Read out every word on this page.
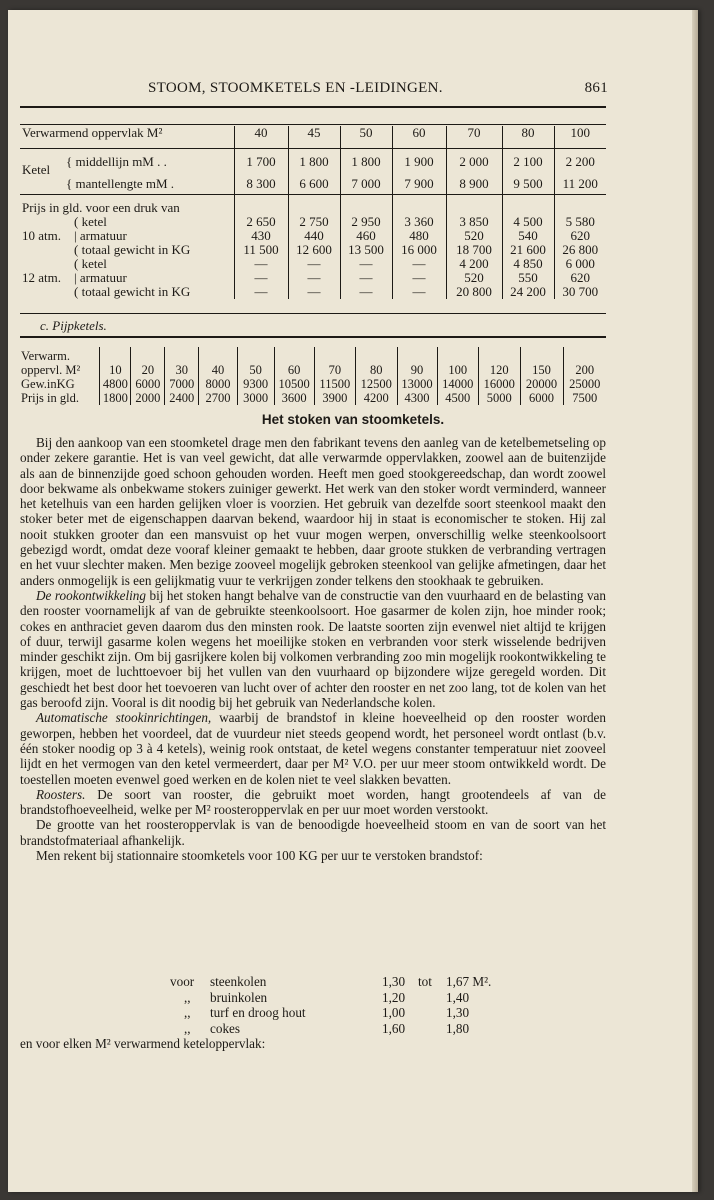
STOOM, STOOMKETELS EN -LEIDINGEN.	861
Verwarmend oppervlak M²	40	45	50	60	70	80	100
Ketel{ middellijn mM . .	1 700	1 800	1 800	1 900	2 000	2 100	2 200
{ mantellengte mM .	8 300	6 600	7 000	7 900	8 900	9 500	11 200
Prijs in gld. voor een druk van							
( ketel	2 650	2 750	2 950	3 360	3 850	4 500	5 580
10 atm. | armatuur	430	440	460	480	520	540	620
( totaal gewicht in KG	11 500	12 600	13 500	16 000	18 700	21 600	26 800
( ketel	—	—	—	—	4 200	4 850	6 000
12 atm. | armatuur	—	—	—	—	520	550	620
( totaal gewicht in KG	—	—	—	—	20 800	24 200	30 700
c. Pijpketels.
Verwarm. oppervl. M²	10	20	30	40	50	60	70	80	90	100	120	150	200
Gew.inKG	4800	6000	7000	8000	9300	10500	11500	12500	13000	14000	16000	20000	25000
Prijs in gld.	1800	2000	2400	2700	3000	3600	3900	4200	4300	4500	5000	6000	7500
Het stoken van stoomketels.

Bij den aankoop van een stoomketel drage men den fabrikant tevens den aanleg van de ketelbemetseling op onder zekere garantie. Het is van veel gewicht, dat alle verwarmde oppervlakken, zoowel aan de buitenzijde als aan de binnenzijde goed schoon gehouden worden. Heeft men goed stookgereedschap, dan wordt zoowel door bekwame als onbekwame stokers zuiniger gewerkt. Het werk van den stoker wordt verminderd, wanneer het ketelhuis van een harden gelijken vloer is voorzien. Het gebruik van dezelfde soort steenkool maakt den stoker beter met de eigenschappen daarvan bekend, waardoor hij in staat is economischer te stoken. Hij zal nooit stukken grooter dan een mansvuist op het vuur mogen werpen, onverschillig welke steenkoolsoort gebezigd wordt, omdat deze vooraf kleiner gemaakt te hebben, daar groote stukken de verbranding vertragen en het vuur slechter maken. Men bezige zooveel mogelijk gebroken steenkool van gelijke afmetingen, daar het anders onmogelijk is een gelijkmatig vuur te verkrijgen zonder telkens den stookhaak te gebruiken.

De rookontwikkeling bij het stoken hangt behalve van de constructie van den vuurhaard en de belasting van den rooster voornamelijk af van de gebruikte steenkoolsoort. Hoe gasarmer de kolen zijn, hoe minder rook; cokes en anthraciet geven daarom dus den minsten rook. De laatste soorten zijn evenwel niet altijd te krijgen of duur, terwijl gasarme kolen wegens het moeilijke stoken en verbranden voor sterk wisselende bedrijven minder geschikt zijn. Om bij gasrijkere kolen bij volkomen verbranding zoo min mogelijk rookontwikkeling te krijgen, moet de luchttoevoer bij het vullen van den vuurhaard op bijzondere wijze geregeld worden. Dit geschiedt het best door het toevoeren van lucht over of achter den rooster en net zoo lang, tot de kolen van het gas beroofd zijn. Vooral is dit noodig bij het gebruik van Nederlandsche kolen.

Automatische stookinrichtingen, waarbij de brandstof in kleine hoeveelheid op den rooster worden geworpen, hebben het voordeel, dat de vuurdeur niet steeds geopend wordt, het personeel wordt ontlast (b.v. één stoker noodig op 3 à 4 ketels), weinig rook ontstaat, de ketel wegens constanter temperatuur niet zooveel lijdt en het vermogen van den ketel vermeerdert, daar per M² V.O. per uur meer stoom ontwikkeld wordt. De toestellen moeten evenwel goed werken en de kolen niet te veel slakken bevatten.

Roosters. De soort van rooster, die gebruikt moet worden, hangt grootendeels af van de brandstofhoeveelheid, welke per M² roosteroppervlak en per uur moet worden verstookt.

De grootte van het roosteroppervlak is van de benoodigde hoeveelheid stoom en van de soort van het brandstofmateriaal afhankelijk.

Men rekent bij stationnaire stoomketels voor 100 KG per uur te verstoken brandstof:

voor steenkolen	1,30 tot 1,67 M².
,, bruinkolen	1,20	1,40
,, turf en droog hout	1,00	1,30
,, cokes	1,60	1,80
en voor elken M² verwarmend keteloppervlak:
